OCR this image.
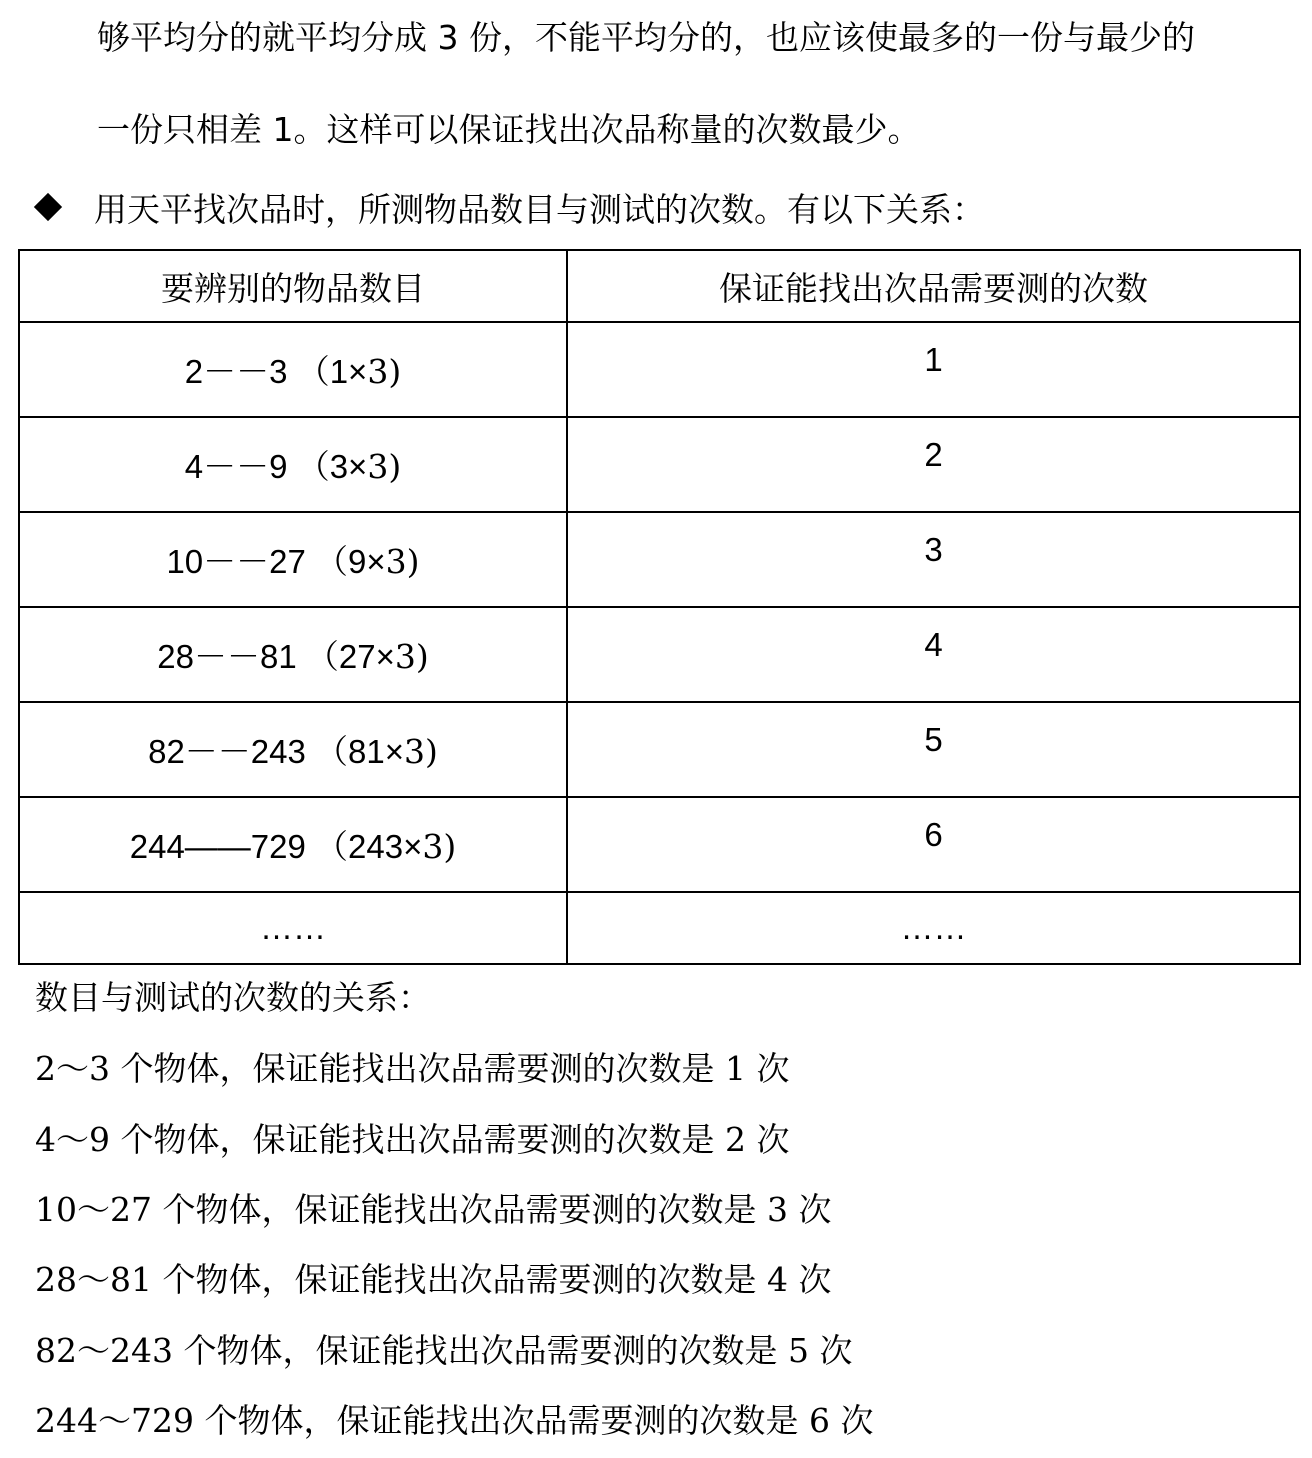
够平均分的就平均分成 3 份，不能平均分的，也应该使最多的一份与最少的
一份只相差 1。这样可以保证找出次品称量的次数最少。
用天平找次品时，所测物品数目与测试的次数。有以下关系：
要辨别的物品数目	保证能找出次品需要测的次数
2－－3 （1×3)	1
4－－9 （3×3)	2
10－－27 （9×3)	3
28－－81 （27×3)	4
82－－243 （81×3)	5
244——729 （243×3)	6
……	……
数目与测试的次数的关系：
2～3 个物体，保证能找出次品需要测的次数是 1 次
4～9 个物体，保证能找出次品需要测的次数是 2 次
10～27 个物体，保证能找出次品需要测的次数是 3 次
28～81 个物体，保证能找出次品需要测的次数是 4 次
82～243 个物体，保证能找出次品需要测的次数是 5 次
244～729 个物体，保证能找出次品需要测的次数是 6 次
